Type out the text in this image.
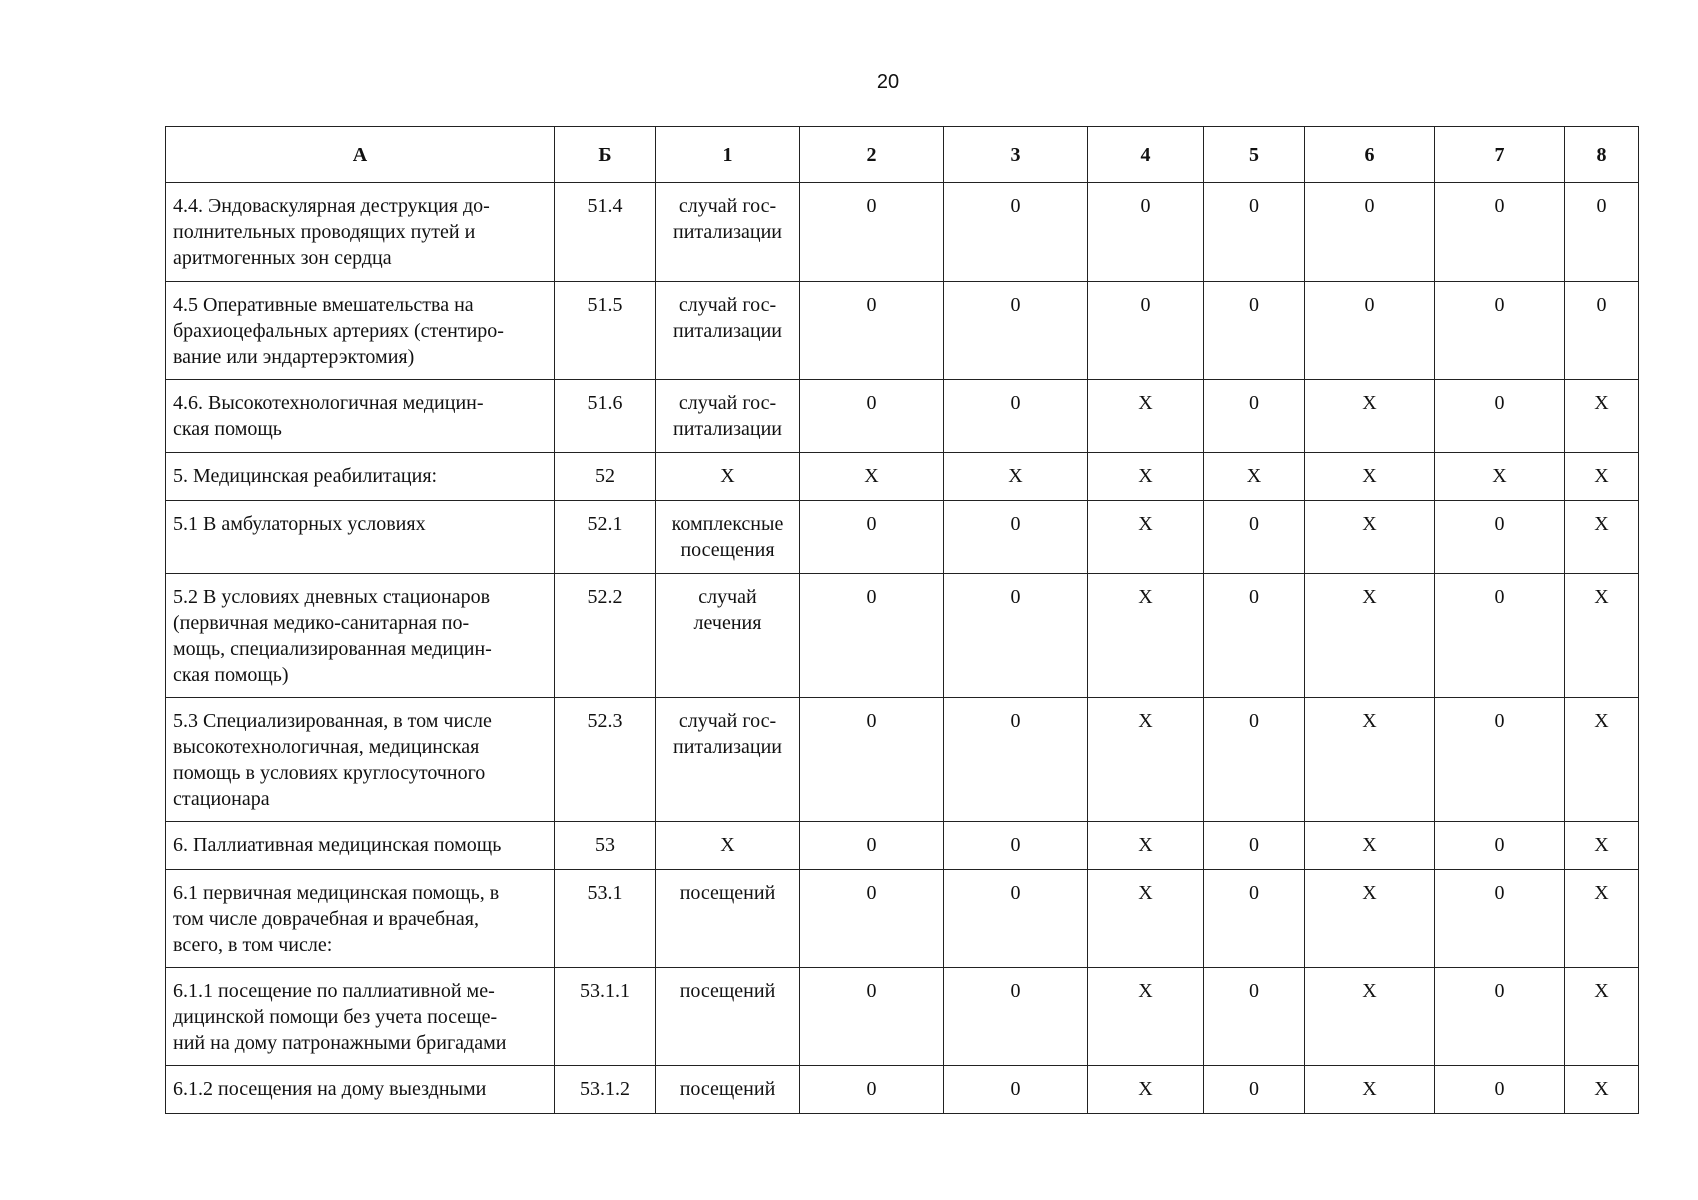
20
А	Б	1	2	3	4	5	6	7	8
4.4. Эндоваскулярная деструкция до-
полнительных проводящих путей и
аритмогенных зон сердца	51.4	случай гос-
питализации	0	0	0	0	0	0	0
4.5 Оперативные вмешательства на
брахиоцефальных артериях (стентиро-
вание или эндартерэктомия)	51.5	случай гос-
питализации	0	0	0	0	0	0	0
4.6. Высокотехнологичная медицин-
ская помощь	51.6	случай гос-
питализации	0	0	Х	0	Х	0	Х
5. Медицинская реабилитация:	52	Х	Х	Х	Х	Х	Х	Х	Х
5.1 В амбулаторных условиях	52.1	комплексные
посещения	0	0	Х	0	Х	0	Х
5.2 В условиях дневных стационаров
(первичная медико-санитарная по-
мощь, специализированная медицин-
ская помощь)	52.2	случай
лечения	0	0	Х	0	Х	0	Х
5.3 Специализированная, в том числе
высокотехнологичная, медицинская
помощь в условиях круглосуточного
стационара	52.3	случай гос-
питализации	0	0	Х	0	Х	0	Х
6. Паллиативная медицинская помощь	53	Х	0	0	Х	0	Х	0	Х
6.1 первичная медицинская помощь, в
том числе доврачебная и врачебная,
всего, в том числе:	53.1	посещений	0	0	Х	0	Х	0	Х
6.1.1 посещение по паллиативной ме-
дицинской помощи без учета посеще-
ний на дому патронажными бригадами	53.1.1	посещений	0	0	Х	0	Х	0	Х
6.1.2 посещения на дому выездными	53.1.2	посещений	0	0	Х	0	Х	0	Х
